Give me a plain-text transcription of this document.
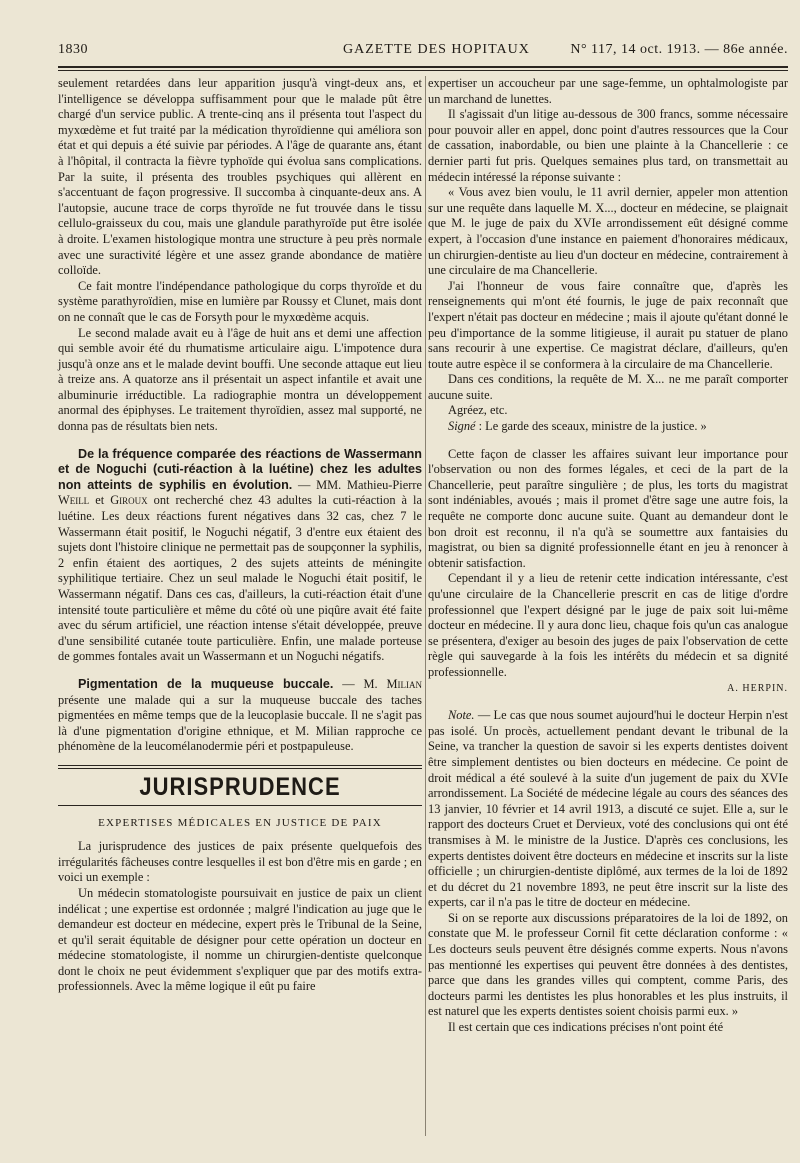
1830	GAZETTE DES HOPITAUX	N° 117, 14 oct. 1913. — 86e année.

seulement retardées dans leur apparition jusqu'à vingt-deux ans, et l'intelligence se développa suffisamment pour que le malade pût être chargé d'un service public. A trente-cinq ans il présenta tout l'aspect du myxœdème et fut traité par la médication thyroïdienne qui améliora son état et qui depuis a été suivie par périodes. A l'âge de quarante ans, étant à l'hôpital, il contracta la fièvre typhoïde qui évolua sans complications. Par la suite, il présenta des troubles psychiques qui allèrent en s'accentuant de façon progressive. Il succomba à cinquante-deux ans. A l'autopsie, aucune trace de corps thyroïde ne fut trouvée dans le tissu cellulo-graisseux du cou, mais une glandule parathyroïde put être isolée à droite. L'examen histologique montra une structure à peu près normale avec une suractivité légère et une assez grande abondance de matière colloïde.

Ce fait montre l'indépendance pathologique du corps thyroïde et du système parathyroïdien, mise en lumière par Roussy et Clunet, mais dont on ne connaît que le cas de Forsyth pour le myxœdème acquis.

Le second malade avait eu à l'âge de huit ans et demi une affection qui semble avoir été du rhumatisme articulaire aigu. L'impotence dura jusqu'à onze ans et le malade devint bouffi. Une seconde attaque eut lieu à treize ans. A quatorze ans il présentait un aspect infantile et avait une albuminurie irréductible. La radiographie montra un développement anormal des épiphyses. Le traitement thyroïdien, assez mal supporté, ne donna pas de résultats bien nets.

De la fréquence comparée des réactions de Wassermann et de Noguchi (cuti-réaction à la luétine) chez les adultes non atteints de syphilis en évolution. — MM. Mathieu-Pierre Weill et Giroux ont recherché chez 43 adultes la cuti-réaction à la luétine. Les deux réactions furent négatives dans 32 cas, chez 7 le Wassermann était positif, le Noguchi négatif, 3 d'entre eux étaient des sujets dont l'histoire clinique ne permettait pas de soupçonner la syphilis, 2 enfin étaient des aortiques, 2 des sujets atteints de méningite syphilitique tertiaire. Chez un seul malade le Noguchi était positif, le Wassermann négatif. Dans ces cas, d'ailleurs, la cuti-réaction était d'une intensité toute particulière et même du côté où une piqûre avait été faite avec du sérum artificiel, une réaction intense s'était développée, preuve d'une sensibilité cutanée toute particulière. Enfin, une malade porteuse de gommes fontales avait un Wassermann et un Noguchi négatifs.

Pigmentation de la muqueuse buccale. — M. Milian présente une malade qui a sur la muqueuse buccale des taches pigmentées en même temps que de la leucoplasie buccale. Il ne s'agit pas là d'une pigmentation d'origine ethnique, et M. Milian rapproche ce phénomène de la leucomélanodermie péri et postpapuleuse.

JURISPRUDENCE
EXPERTISES MÉDICALES EN JUSTICE DE PAIX

La jurisprudence des justices de paix présente quelquefois des irrégularités fâcheuses contre lesquelles il est bon d'être mis en garde ; en voici un exemple :

Un médecin stomatologiste poursuivait en justice de paix un client indélicat ; une expertise est ordonnée ; malgré l'indication au juge que le demandeur est docteur en médecine, expert près le Tribunal de la Seine, et qu'il serait équitable de désigner pour cette opération un docteur en médecine stomatologiste, il nomme un chirurgien-dentiste quelconque dont le choix ne peut évidemment s'expliquer que par des motifs extra-professionnels. Avec la même logique il eût pu faire

expertiser un accoucheur par une sage-femme, un ophtalmologiste par un marchand de lunettes.

Il s'agissait d'un litige au-dessous de 300 francs, somme nécessaire pour pouvoir aller en appel, donc point d'autres ressources que la Cour de cassation, inabordable, ou bien une plainte à la Chancellerie : ce dernier parti fut pris. Quelques semaines plus tard, on transmettait au médecin intéressé la réponse suivante :

« Vous avez bien voulu, le 11 avril dernier, appeler mon attention sur une requête dans laquelle M. X..., docteur en médecine, se plaignait que M. le juge de paix du XVIe arrondissement eût désigné comme expert, à l'occasion d'une instance en paiement d'honoraires médicaux, un chirurgien-dentiste au lieu d'un docteur en médecine, contrairement à une circulaire de ma Chancellerie.

J'ai l'honneur de vous faire connaître que, d'après les renseignements qui m'ont été fournis, le juge de paix reconnaît que l'expert n'était pas docteur en médecine ; mais il ajoute qu'étant donné le peu d'importance de la somme litigieuse, il aurait pu statuer de plano sans recourir à une expertise. Ce magistrat déclare, d'ailleurs, qu'en toute autre espèce il se conformera à la circulaire de ma Chancellerie.

Dans ces conditions, la requête de M. X... ne me paraît comporter aucune suite.

Agréez, etc.

Signé : Le garde des sceaux, ministre de la justice. »

Cette façon de classer les affaires suivant leur importance pour l'observation ou non des formes légales, et ceci de la part de la Chancellerie, peut paraître singulière ; de plus, les torts du magistrat sont indéniables, avoués ; mais il promet d'être sage une autre fois, la requête ne comporte donc aucune suite. Quant au demandeur dont le bon droit est reconnu, il n'a qu'à se soumettre aux fantaisies du magistrat, ou bien sa dignité professionnelle étant en jeu à renoncer à obtenir satisfaction.

Cependant il y a lieu de retenir cette indication intéressante, c'est qu'une circulaire de la Chancellerie prescrit en cas de litige d'ordre professionnel que l'expert désigné par le juge de paix soit lui-même docteur en médecine. Il y aura donc lieu, chaque fois qu'un cas analogue se présentera, d'exiger au besoin des juges de paix l'observation de cette règle qui sauvegarde à la fois les intérêts du médecin et sa dignité professionnelle.

A. HERPIN.

Note. — Le cas que nous soumet aujourd'hui le docteur Herpin n'est pas isolé. Un procès, actuellement pendant devant le tribunal de la Seine, va trancher la question de savoir si les experts dentistes doivent être simplement dentistes ou bien docteurs en médecine. Ce point de droit médical a été soulevé à la suite d'un jugement de paix du XVIe arrondissement. La Société de médecine légale au cours des séances des 13 janvier, 10 février et 14 avril 1913, a discuté ce sujet. Elle a, sur le rapport des docteurs Cruet et Dervieux, voté des conclusions qui ont été transmises à M. le ministre de la Justice. D'après ces conclusions, les experts dentistes doivent être docteurs en médecine et inscrits sur la liste officielle ; un chirurgien-dentiste diplômé, aux termes de la loi de 1892 et du décret du 21 novembre 1893, ne peut être inscrit sur la liste des experts, car il n'a pas le titre de docteur en médecine.

Si on se reporte aux discussions préparatoires de la loi de 1892, on constate que M. le professeur Cornil fit cette déclaration conforme : « Les docteurs seuls peuvent être désignés comme experts. Nous n'avons pas mentionné les expertises qui peuvent être données à des dentistes, parce que dans les grandes villes qui comptent, comme Paris, des docteurs parmi les dentistes les plus honorables et les plus instruits, il est naturel que les experts dentistes soient choisis parmi eux. »

Il est certain que ces indications précises n'ont point été
